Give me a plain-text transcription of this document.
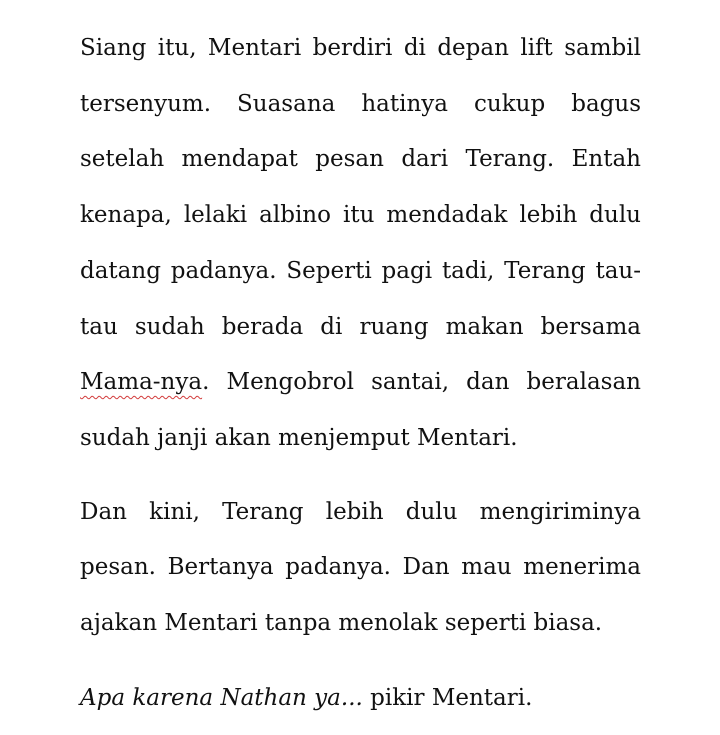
Siang itu, Mentari berdiri di depan lift sambil
tersenyum. Suasana hatinya cukup bagus
setelah mendapat pesan dari Terang. Entah
kenapa, lelaki albino itu mendadak lebih dulu
datang padanya. Seperti pagi tadi, Terang tau-
tau sudah berada di ruang makan bersama
Mama-nya. Mengobrol santai, dan beralasan
sudah janji akan menjemput Mentari.

Dan kini, Terang lebih dulu mengiriminya
pesan. Bertanya padanya. Dan mau menerima
ajakan Mentari tanpa menolak seperti biasa.

Apa karena Nathan ya... pikir Mentari.
